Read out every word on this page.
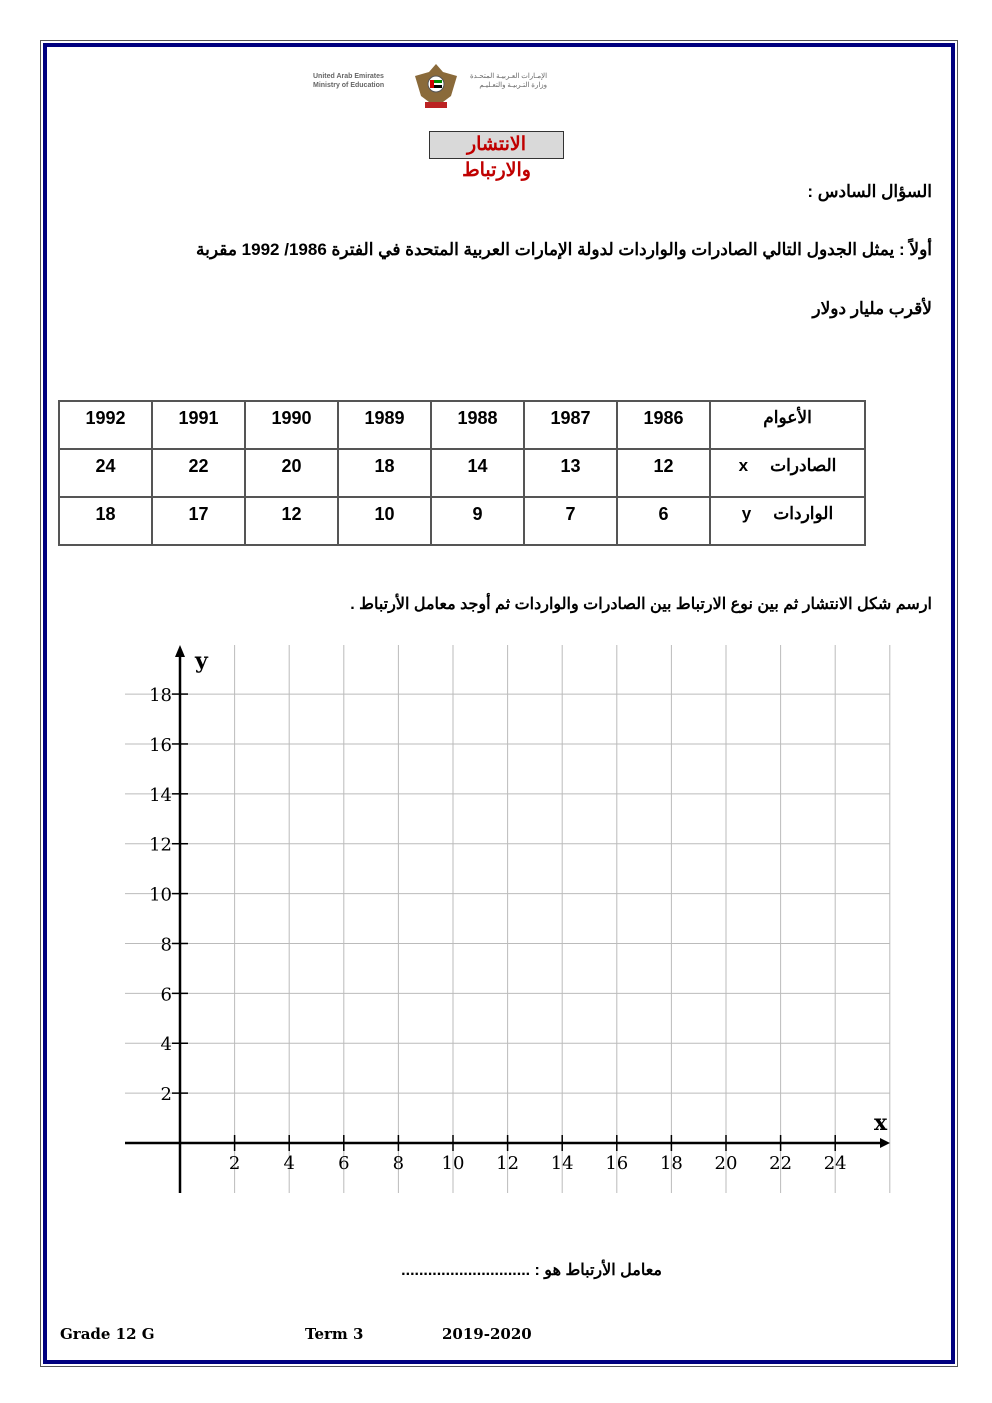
United Arab Emirates
Ministry of Education
الإمـارات العـربيـة المتحـدة
وزارة التـربيـة والتعـليـم
الانتشار والارتباط
السؤال السادس :
أولاً : يمثل الجدول التالي الصادرات والواردات لدولة الإمارات العربية المتحدة في الفترة 1986/ 1992 مقربة
لأقرب مليار دولار
الأعوام	1986	1987	1988	1989	1990	1991	1992
الصادراتx	12	13	14	18	20	22	24
الوارداتy	6	7	9	10	12	17	18
ارسم شكل الانتشار ثم بين نوع الارتباط بين الصادرات والواردات ثم أوجد معامل الأرتباط .
2 4 6 8 10 12 14 16 18 20 22 24
2
4
6
8
10
12
14
16
18
x
y
معامل الأرتباط هو : .............................
Grade 12 G	Term 3	2019-2020
